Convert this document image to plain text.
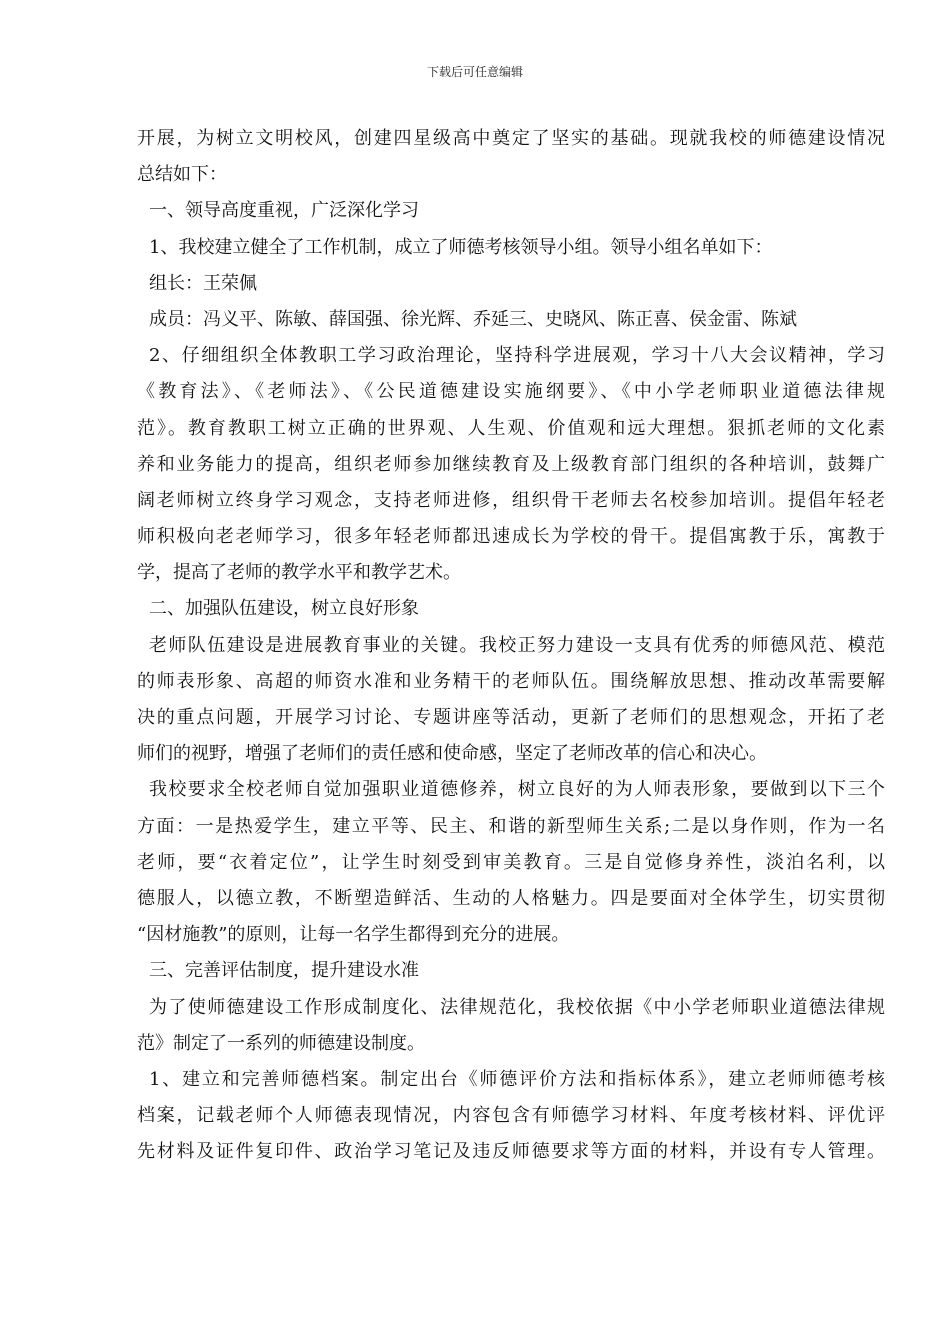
下载后可任意编辑
开展，为树立文明校风，创建四星级高中奠定了坚实的基础。现就我校的师德建设情况
总结如下：
一、领导高度重视，广泛深化学习
1、我校建立健全了工作机制，成立了师德考核领导小组。领导小组名单如下：
组长：王荣佩
成员：冯义平、陈敏、薛国强、徐光辉、乔延三、史晓风、陈正喜、侯金雷、陈斌
2、仔细组织全体教职工学习政治理论，坚持科学进展观，学习十八大会议精神，学习
《教育法》、《老师法》、《公民道德建设实施纲要》、《中小学老师职业道德法律规
范》。教育教职工树立正确的世界观、人生观、价值观和远大理想。狠抓老师的文化素
养和业务能力的提高，组织老师参加继续教育及上级教育部门组织的各种培训，鼓舞广
阔老师树立终身学习观念，支持老师进修，组织骨干老师去名校参加培训。提倡年轻老
师积极向老老师学习，很多年轻老师都迅速成长为学校的骨干。提倡寓教于乐，寓教于
学，提高了老师的教学水平和教学艺术。
二、加强队伍建设，树立良好形象
老师队伍建设是进展教育事业的关键。我校正努力建设一支具有优秀的师德风范、模范
的师表形象、高超的师资水准和业务精干的老师队伍。围绕解放思想、推动改革需要解
决的重点问题，开展学习讨论、专题讲座等活动，更新了老师们的思想观念，开拓了老
师们的视野，增强了老师们的责任感和使命感，坚定了老师改革的信心和决心。
我校要求全校老师自觉加强职业道德修养，树立良好的为人师表形象，要做到以下三个
方面：一是热爱学生，建立平等、民主、和谐的新型师生关系;二是以身作则，作为一名
老师，要“衣着定位”，让学生时刻受到审美教育。三是自觉修身养性，淡泊名利，以
德服人，以德立教，不断塑造鲜活、生动的人格魅力。四是要面对全体学生，切实贯彻
“因材施教”的原则，让每一名学生都得到充分的进展。
三、完善评估制度，提升建设水准
为了使师德建设工作形成制度化、法律规范化，我校依据《中小学老师职业道德法律规
范》制定了一系列的师德建设制度。
1、建立和完善师德档案。制定出台《师德评价方法和指标体系》，建立老师师德考核
档案，记载老师个人师德表现情况，内容包含有师德学习材料、年度考核材料、评优评
先材料及证件复印件、政治学习笔记及违反师德要求等方面的材料，并设有专人管理。
